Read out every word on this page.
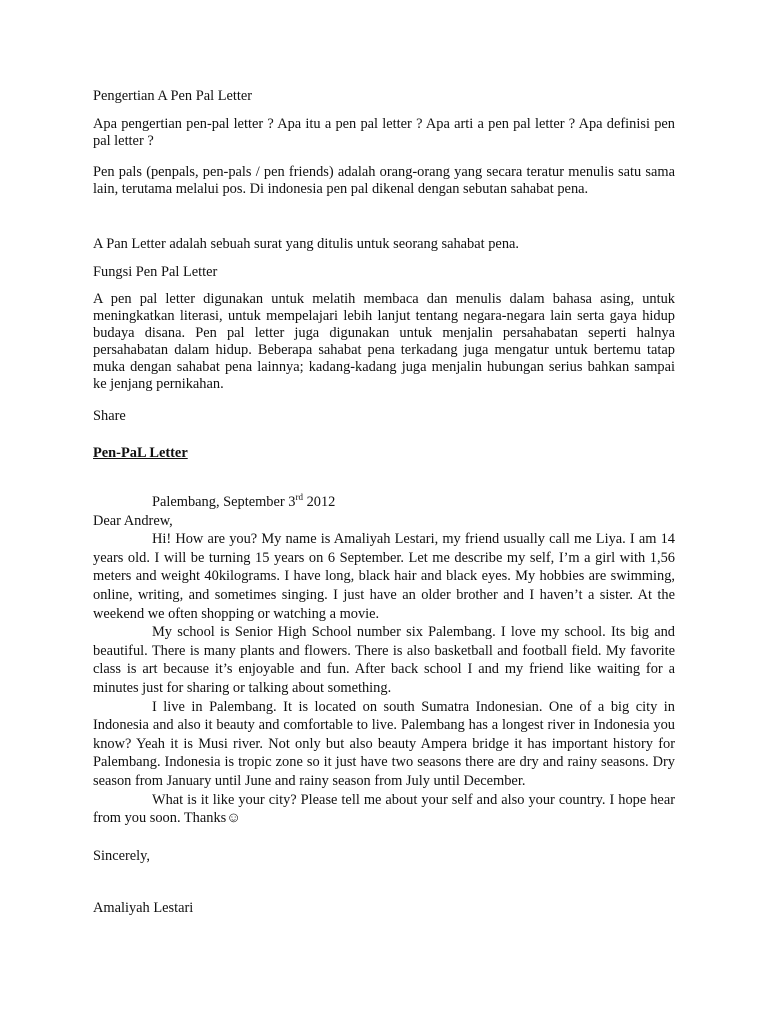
Pengertian A Pen Pal Letter

Apa pengertian pen-pal letter ? Apa itu a pen pal letter ? Apa arti a pen pal letter ? Apa definisi pen pal letter ?

Pen pals (penpals, pen-pals / pen friends) adalah orang-orang yang secara teratur menulis satu sama lain, terutama melalui pos. Di indonesia pen pal dikenal dengan sebutan sahabat pena.

A Pan Letter adalah sebuah surat yang ditulis untuk seorang sahabat pena.

Fungsi Pen Pal Letter

A pen pal letter digunakan untuk melatih membaca dan menulis dalam bahasa asing, untuk meningkatkan literasi, untuk mempelajari lebih lanjut tentang negara-negara lain serta gaya hidup budaya disana. Pen pal letter juga digunakan untuk menjalin persahabatan seperti halnya persahabatan dalam hidup. Beberapa sahabat pena terkadang juga mengatur untuk bertemu tatap muka dengan sahabat pena lainnya; kadang-kadang juga menjalin hubungan serius bahkan sampai ke jenjang pernikahan.

Share

Pen-PaL Letter

Palembang, September 3rd 2012

Dear Andrew,

Hi! How are you? My name is Amaliyah Lestari, my friend usually call me Liya. I am 14 years old. I will be turning 15 years on 6 September. Let me describe my self, I’m a girl with 1,56 meters and weight 40kilograms. I have long, black hair and black eyes. My hobbies are swimming, online, writing, and sometimes singing. I just have an older brother and I haven’t a sister. At the weekend we often shopping or watching a movie.

My school is Senior High School number six Palembang. I love my school. Its big and beautiful. There is many plants and flowers. There is also basketball and football field. My favorite class is art because it’s enjoyable and fun. After back school I and my friend like waiting for a minutes just for sharing or talking about something.

I live in Palembang. It is located on south Sumatra Indonesian. One of a big city in Indonesia and also it beauty and comfortable to live. Palembang has a longest river in Indonesia you know? Yeah it is Musi river. Not only but also beauty Ampera bridge it has important history for Palembang. Indonesia is tropic zone so it just have two seasons there are dry and rainy seasons. Dry season from January until June and rainy season from July until December.

What is it like your city? Please tell me about your self and also your country. I hope hear from you soon. Thanks☺

Sincerely,

Amaliyah Lestari
